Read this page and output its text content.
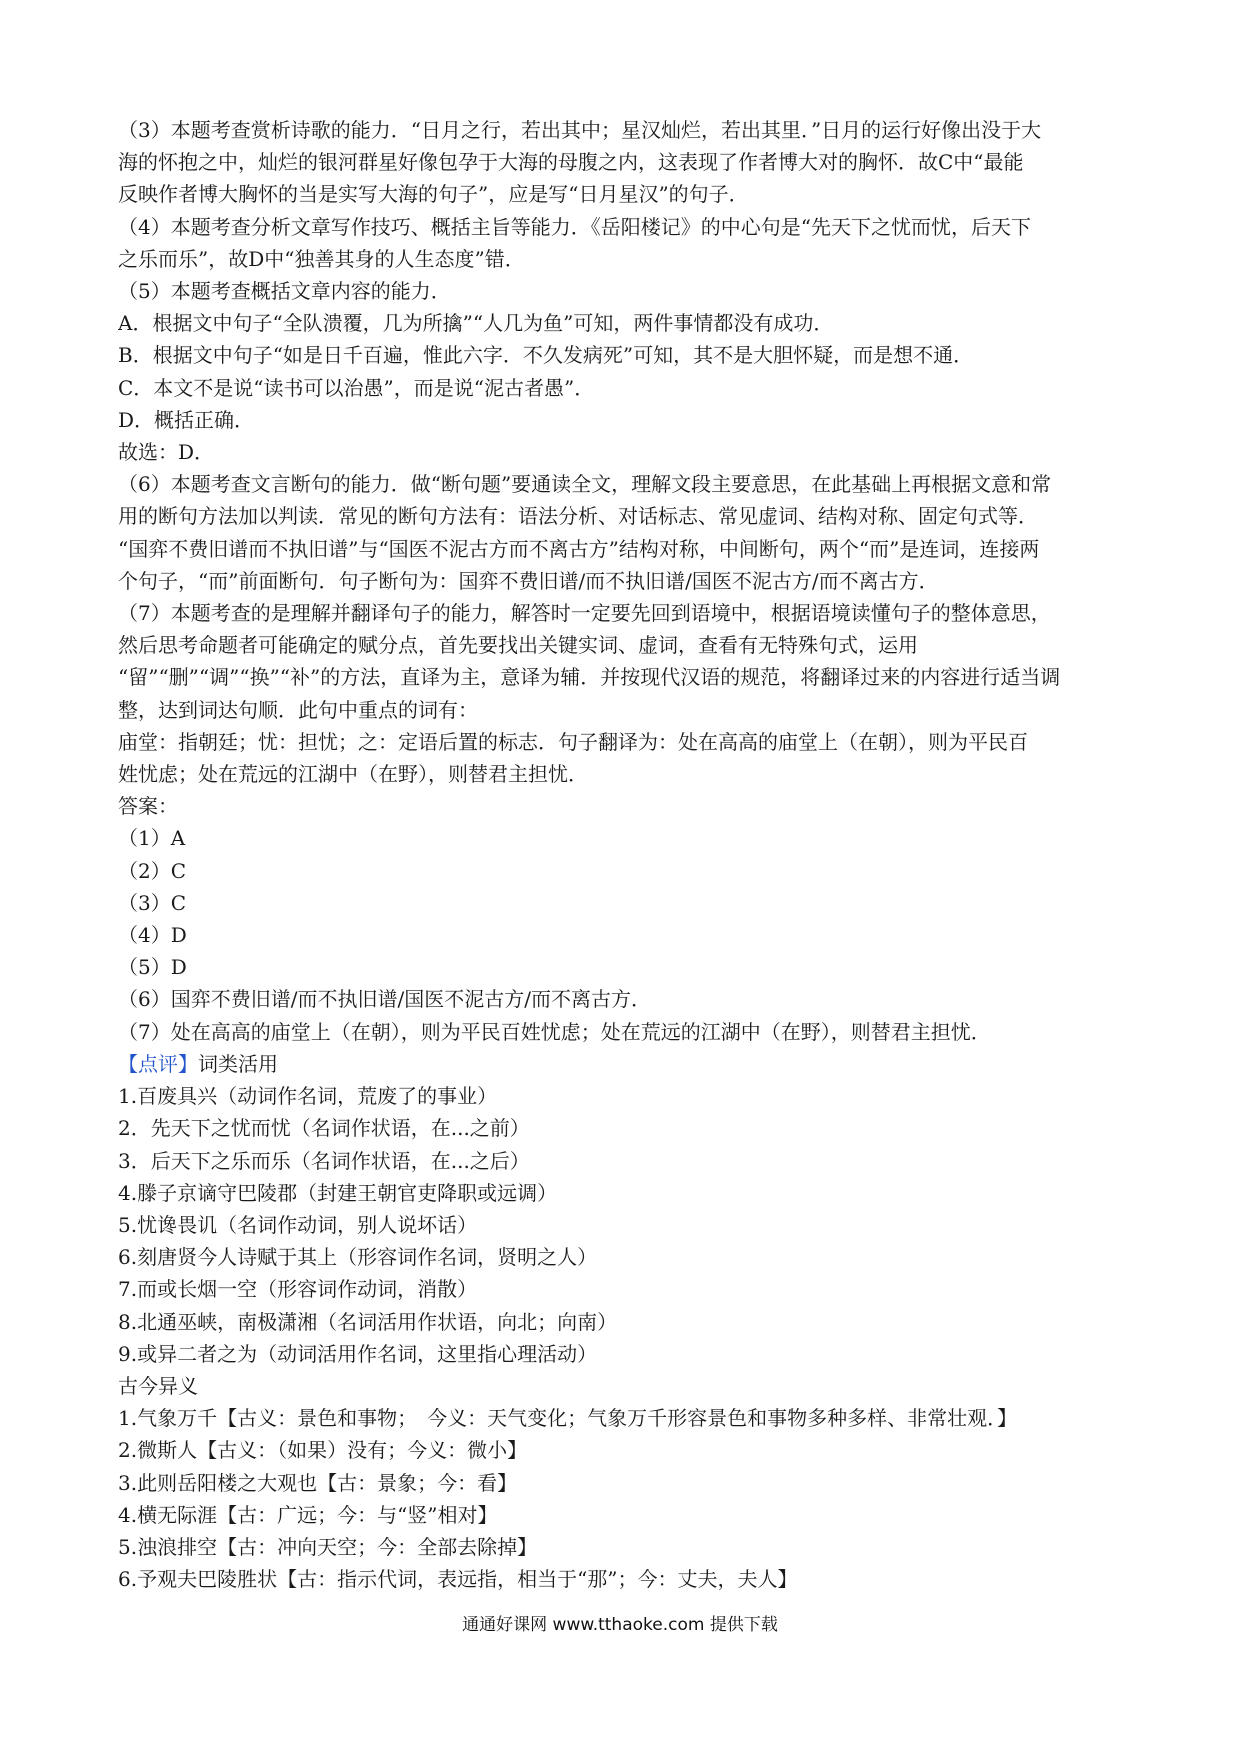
（3）本题考查赏析诗歌的能力．“日月之行，若出其中；星汉灿烂，若出其里．”日月的运行好像出没于大
海的怀抱之中，灿烂的银河群星好像包孕于大海的母腹之内，这表现了作者博大对的胸怀．故C中“最能
反映作者博大胸怀的当是实写大海的句子”，应是写“日月星汉”的句子．
（4）本题考查分析文章写作技巧、概括主旨等能力．《岳阳楼记》的中心句是“先天下之忧而忧，后天下
之乐而乐”，故D中“独善其身的人生态度”错．
（5）本题考查概括文章内容的能力．
A．根据文中句子“全队溃覆，几为所擒”“人几为鱼”可知，两件事情都没有成功．
B．根据文中句子“如是日千百遍，惟此六字．不久发病死”可知，其不是大胆怀疑，而是想不通．
C．本文不是说“读书可以治愚”，而是说“泥古者愚”．
D．概括正确．
故选：D．
（6）本题考查文言断句的能力．做“断句题”要通读全文，理解文段主要意思，在此基础上再根据文意和常
用的断句方法加以判读．常见的断句方法有：语法分析、对话标志、常见虚词、结构对称、固定句式等．
“国弈不费旧谱而不执旧谱”与“国医不泥古方而不离古方”结构对称，中间断句，两个“而”是连词，连接两
个句子，“而”前面断句．句子断句为：国弈不费旧谱/而不执旧谱/国医不泥古方/而不离古方．
（7）本题考查的是理解并翻译句子的能力，解答时一定要先回到语境中，根据语境读懂句子的整体意思，
然后思考命题者可能确定的赋分点，首先要找出关键实词、虚词，查看有无特殊句式，运用
“留”“删”“调”“换”“补”的方法，直译为主，意译为辅．并按现代汉语的规范，将翻译过来的内容进行适当调
整，达到词达句顺．此句中重点的词有：
庙堂：指朝廷；忧：担忧；之：定语后置的标志．句子翻译为：处在高高的庙堂上（在朝），则为平民百
姓忧虑；处在荒远的江湖中（在野），则替君主担忧．
答案：
（1）A
（2）C
（3）C
（4）D
（5）D
（6）国弈不费旧谱/而不执旧谱/国医不泥古方/而不离古方．
（7）处在高高的庙堂上（在朝），则为平民百姓忧虑；处在荒远的江湖中（在野），则替君主担忧．
【点评】词类活用
1.百废具兴（动词作名词，荒废了的事业）
2．先天下之忧而忧（名词作状语，在...之前）
3．后天下之乐而乐（名词作状语，在...之后）
4.滕子京谪守巴陵郡（封建王朝官吏降职或远调）
5.忧谗畏讥（名词作动词，别人说坏话）
6.刻唐贤今人诗赋于其上（形容词作名词，贤明之人）
7.而或长烟一空（形容词作动词，消散）
8.北通巫峡，南极潇湘（名词活用作状语，向北；向南）
9.或异二者之为（动词活用作名词，这里指心理活动）
古今异义
1.气象万千【古义：景色和事物；　今义：天气变化；气象万千形容景色和事物多种多样、非常壮观．】
2.微斯人【古义：（如果）没有；今义：微小】
3.此则岳阳楼之大观也【古：景象；今：看】
4.横无际涯【古：广远；今：与“竖”相对】
5.浊浪排空【古：冲向天空；今：全部去除掉】
6.予观夫巴陵胜状【古：指示代词，表远指，相当于“那”；今：丈夫，夫人】
通通好课网 www.tthaoke.com 提供下载
